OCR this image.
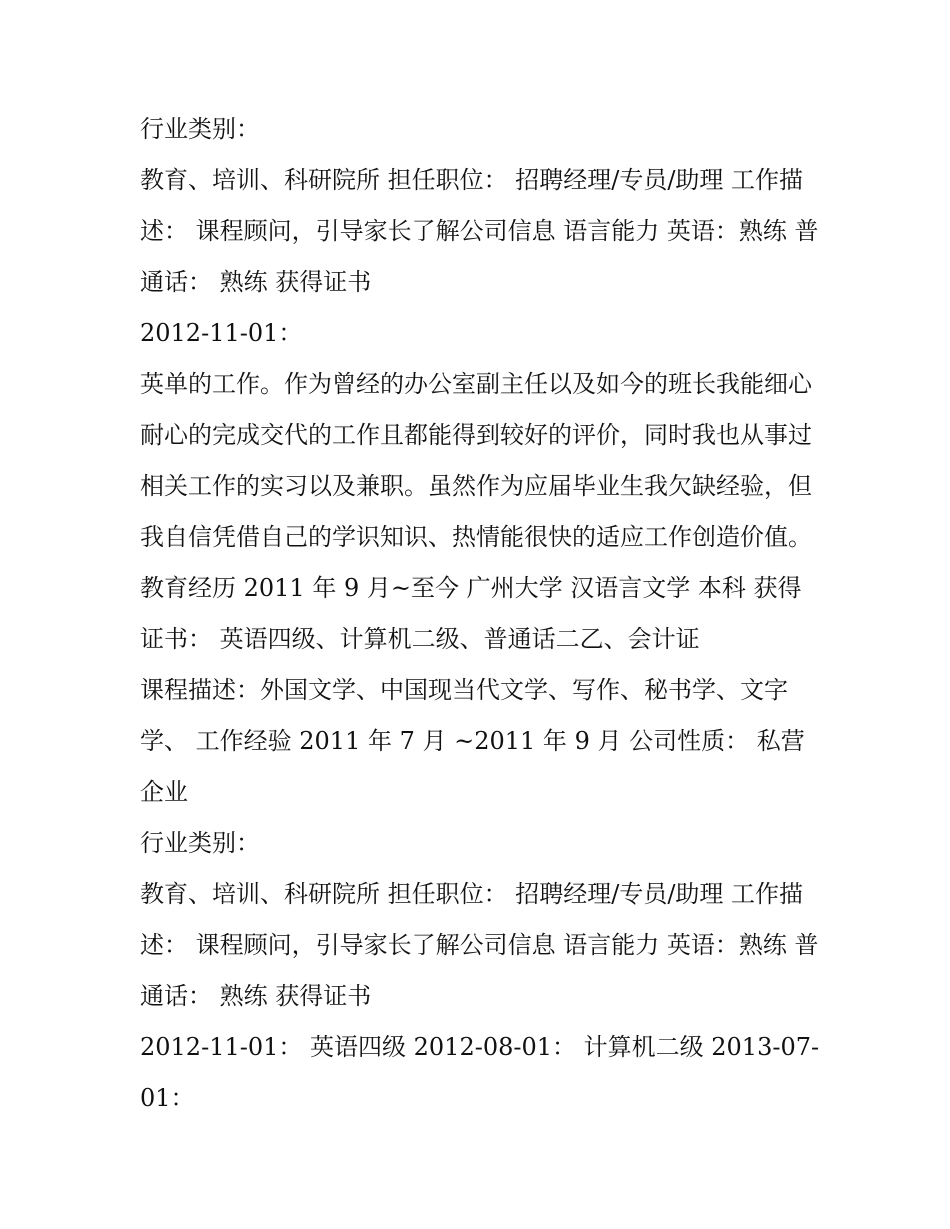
行业类别：

教育、培训、科研院所 担任职位： 招聘经理/专员/助理 工作描述： 课程顾问，引导家长了解公司信息 语言能力 英语：熟练 普通话： 熟练 获得证书

2012-11-01：

英单的工作。作为曾经的办公室副主任以及如今的班长我能细心耐心的完成交代的工作且都能得到较好的评价，同时我也从事过相关工作的实习以及兼职。虽然作为应届毕业生我欠缺经验，但我自信凭借自己的学识知识、热情能很快的适应工作创造价值。

教育经历 2011 年 9 月~至今 广州大学 汉语言文学 本科 获得证书： 英语四级、计算机二级、普通话二乙、会计证

课程描述：外国文学、中国现当代文学、写作、秘书学、文字学、 工作经验 2011 年 7 月 ~2011 年 9 月 公司性质： 私营企业

行业类别：

教育、培训、科研院所 担任职位： 招聘经理/专员/助理 工作描述： 课程顾问，引导家长了解公司信息 语言能力 英语：熟练 普通话： 熟练 获得证书

2012-11-01： 英语四级 2012-08-01： 计算机二级 2013-07-01：
